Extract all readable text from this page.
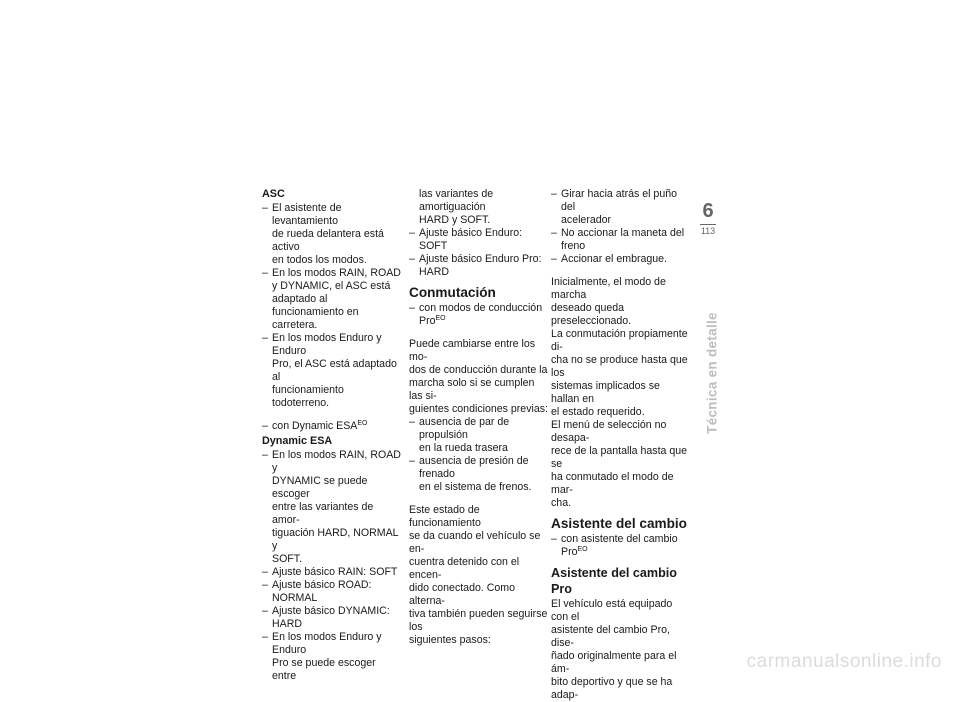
ASC
– El asistente de levantamiento
de rueda delantera está activo
en todos los modos.
– En los modos RAIN, ROAD
y DYNAMIC, el ASC está
adaptado al funcionamiento en
carretera.
– En los modos Enduro y Enduro
Pro, el ASC está adaptado al
funcionamiento todoterreno.
– con Dynamic $ESA^{EO}$
Dynamic ESA
– En los modos RAIN, ROAD y
DYNAMIC se puede escoger
entre las variantes de amor-
tiguación HARD, NORMAL y
SOFT.
– Ajuste básico RAIN: SOFT
– Ajuste básico ROAD: NORMAL
– Ajuste básico DYNAMIC:
HARD
– En los modos Enduro y Enduro
Pro se puede escoger entre
las variantes de amortiguación
HARD y SOFT.
– Ajuste básico Enduro: SOFT
– Ajuste básico Enduro Pro:
HARD
Conmutación
– con modos de conducción
Pro$^{EO}$

Puede cambiarse entre los mo-
dos de conducción durante la
marcha solo si se cumplen las si-
guientes condiciones previas:

– ausencia de par de propulsión
en la rueda trasera
– ausencia de presión de frenado
en el sistema de frenos.

Este estado de funcionamiento
se da cuando el vehículo se en-
cuentra detenido con el encen-
dido conectado. Como alterna-
tiva también pueden seguirse los
siguientes pasos:

– Girar hacia atrás el puño del
acelerador
– No accionar la maneta del
freno
– Accionar el embrague.

Inicialmente, el modo de marcha
deseado queda preseleccionado.
La conmutación propiamente di-
cha no se produce hasta que los
sistemas implicados se hallan en
el estado requerido.
El menú de selección no desapa-
rece de la pantalla hasta que se
ha conmutado el modo de mar-
cha.

Asistente del cambio
– con asistente del cambio
Pro$^{EO}$
Asistente del cambio Pro

El vehículo está equipado con el
asistente del cambio Pro, dise-
ñado originalmente para el ám-
bito deportivo y que se ha adap-

6
113
Técnica en detalle
carmanualsonline.info
